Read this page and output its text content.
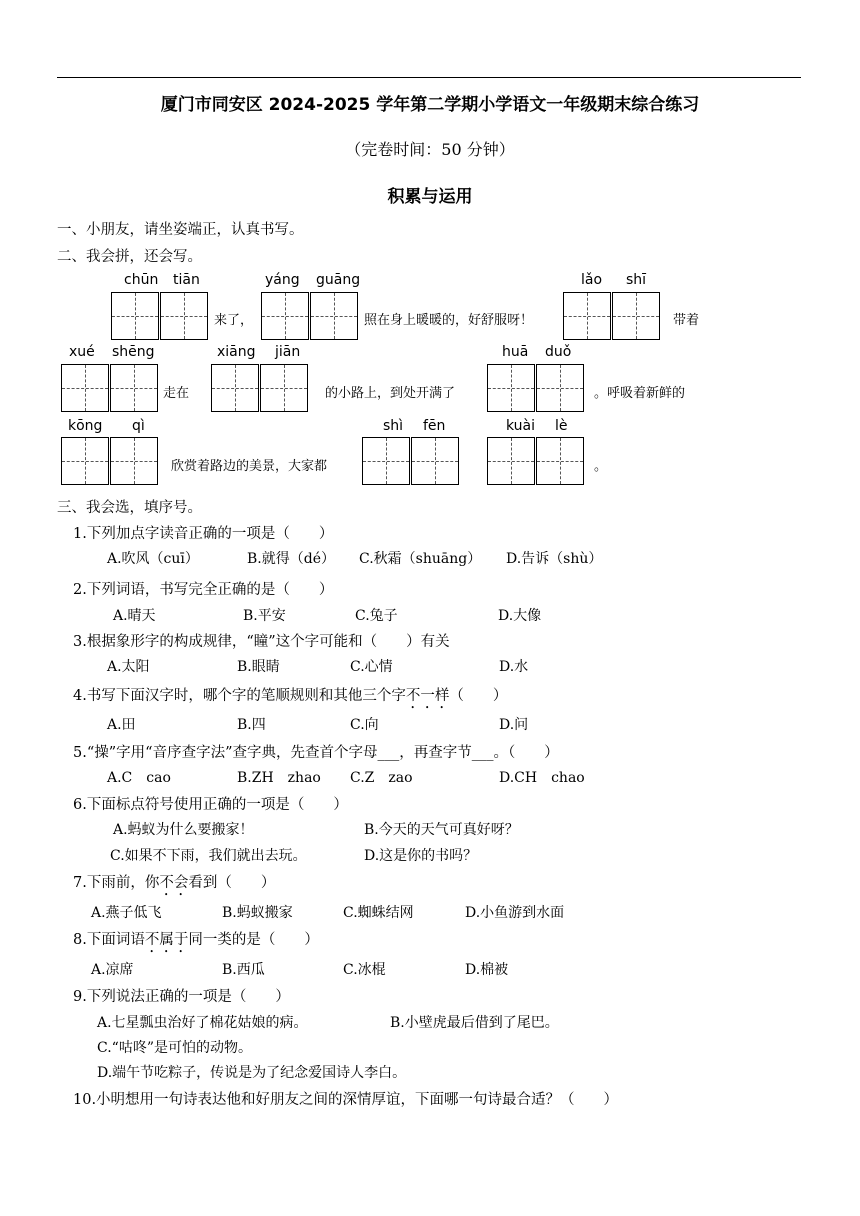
厦门市同安区 2024-2025 学年第二学期小学语文一年级期末综合练习
（完卷时间：50 分钟）
积累与运用
一、小朋友，请坐姿端正，认真书写。
二、我会拼，还会写。
chūn tiān
来了，
yáng guāng
照在身上暖暖的，好舒服呀！
lǎo shī
带着
xué shēng
走在
xiāng jiān
的小路上，到处开满了
huā duǒ
。呼吸着新鲜的
kōng qì
欣赏着路边的美景，大家都
shì fēn	kuài lè
。
三、我会选，填序号。
1.下列加点字读音正确的一项是（　　）
A.吹风（cuī）	B.就得（dé） C.秋霜（shuāng） D.告诉（shù）
2.下列词语，书写完全正确的是（　　）
A.晴天	B.平安	C.兔子	D.大像
3.根据象形字的构成规律，“瞳”这个字可能和（　　）有关
A.太阳	B.眼睛	C.心情	D.水
4.书写下面汉字时，哪个字的笔顺规则和其他三个字不一样（　　）
A.田	B.四	C.向	D.问
5.“操”字用“音序查字法”查字典，先查首个字母___，再查字节___。（　　）
A.C　cao	B.ZH　zhao C.Z　zao	D.CH　chao
6.下面标点符号使用正确的一项是（　　）
A.蚂蚁为什么要搬家！	B.今天的天气可真好呀？
C.如果不下雨，我们就出去玩。	D.这是你的书吗？
7.下雨前，你不会看到（　　）
A.燕子低飞	B.蚂蚁搬家	C.蜘蛛结网	D.小鱼游到水面
8.下面词语不属于同一类的是（　　）
A.凉席	B.西瓜	C.冰棍	D.棉被
9.下列说法正确的一项是（　　）
A.七星瓢虫治好了棉花姑娘的病。	B.小壁虎最后借到了尾巴。
C.“咕咚”是可怕的动物。
D.端午节吃粽子，传说是为了纪念爱国诗人李白。
10.小明想用一句诗表达他和好朋友之间的深情厚谊，下面哪一句诗最合适？（　　）
